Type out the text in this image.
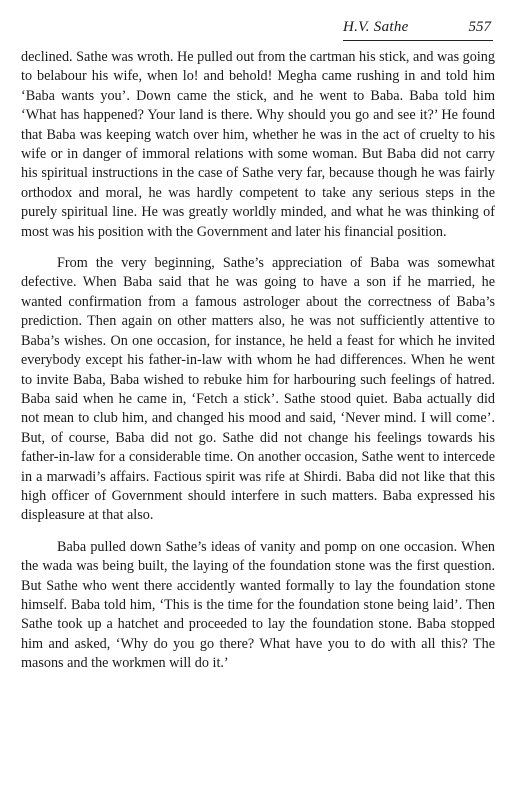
H.V. Sathe	557

declined. Sathe was wroth. He pulled out from the cartman his stick, and was going to belabour his wife, when lo! and behold! Megha came rushing in and told him ‘Baba wants you’. Down came the stick, and he went to Baba. Baba told him ‘What has happened? Your land is there. Why should you go and see it?’ He found that Baba was keeping watch over him, whether he was in the act of cruelty to his wife or in danger of immoral relations with some woman. But Baba did not carry his spiritual instructions in the case of Sathe very far, because though he was fairly orthodox and moral, he was hardly competent to take any serious steps in the purely spiritual line. He was greatly worldly minded, and what he was thinking of most was his position with the Government and later his financial position.

From the very beginning, Sathe’s appreciation of Baba was somewhat defective. When Baba said that he was going to have a son if he married, he wanted confirmation from a famous astrologer about the correctness of Baba’s prediction. Then again on other matters also, he was not sufficiently attentive to Baba’s wishes. On one occasion, for instance, he held a feast for which he invited everybody except his father-in-law with whom he had differences. When he went to invite Baba, Baba wished to rebuke him for harbouring such feelings of hatred. Baba said when he came in, ‘Fetch a stick’. Sathe stood quiet. Baba actually did not mean to club him, and changed his mood and said, ‘Never mind. I will come’. But, of course, Baba did not go. Sathe did not change his feelings towards his father-in-law for a considerable time. On another occasion, Sathe went to intercede in a marwadi’s affairs. Factious spirit was rife at Shirdi. Baba did not like that this high officer of Government should interfere in such matters. Baba expressed his displeasure at that also.

Baba pulled down Sathe’s ideas of vanity and pomp on one occasion. When the wada was being built, the laying of the foundation stone was the first question. But Sathe who went there accidently wanted formally to lay the foundation stone himself. Baba told him, ‘This is the time for the foundation stone being laid’. Then Sathe took up a hatchet and proceeded to lay the foundation stone. Baba stopped him and asked, ‘Why do you go there? What have you to do with all this? The masons and the workmen will do it.’
